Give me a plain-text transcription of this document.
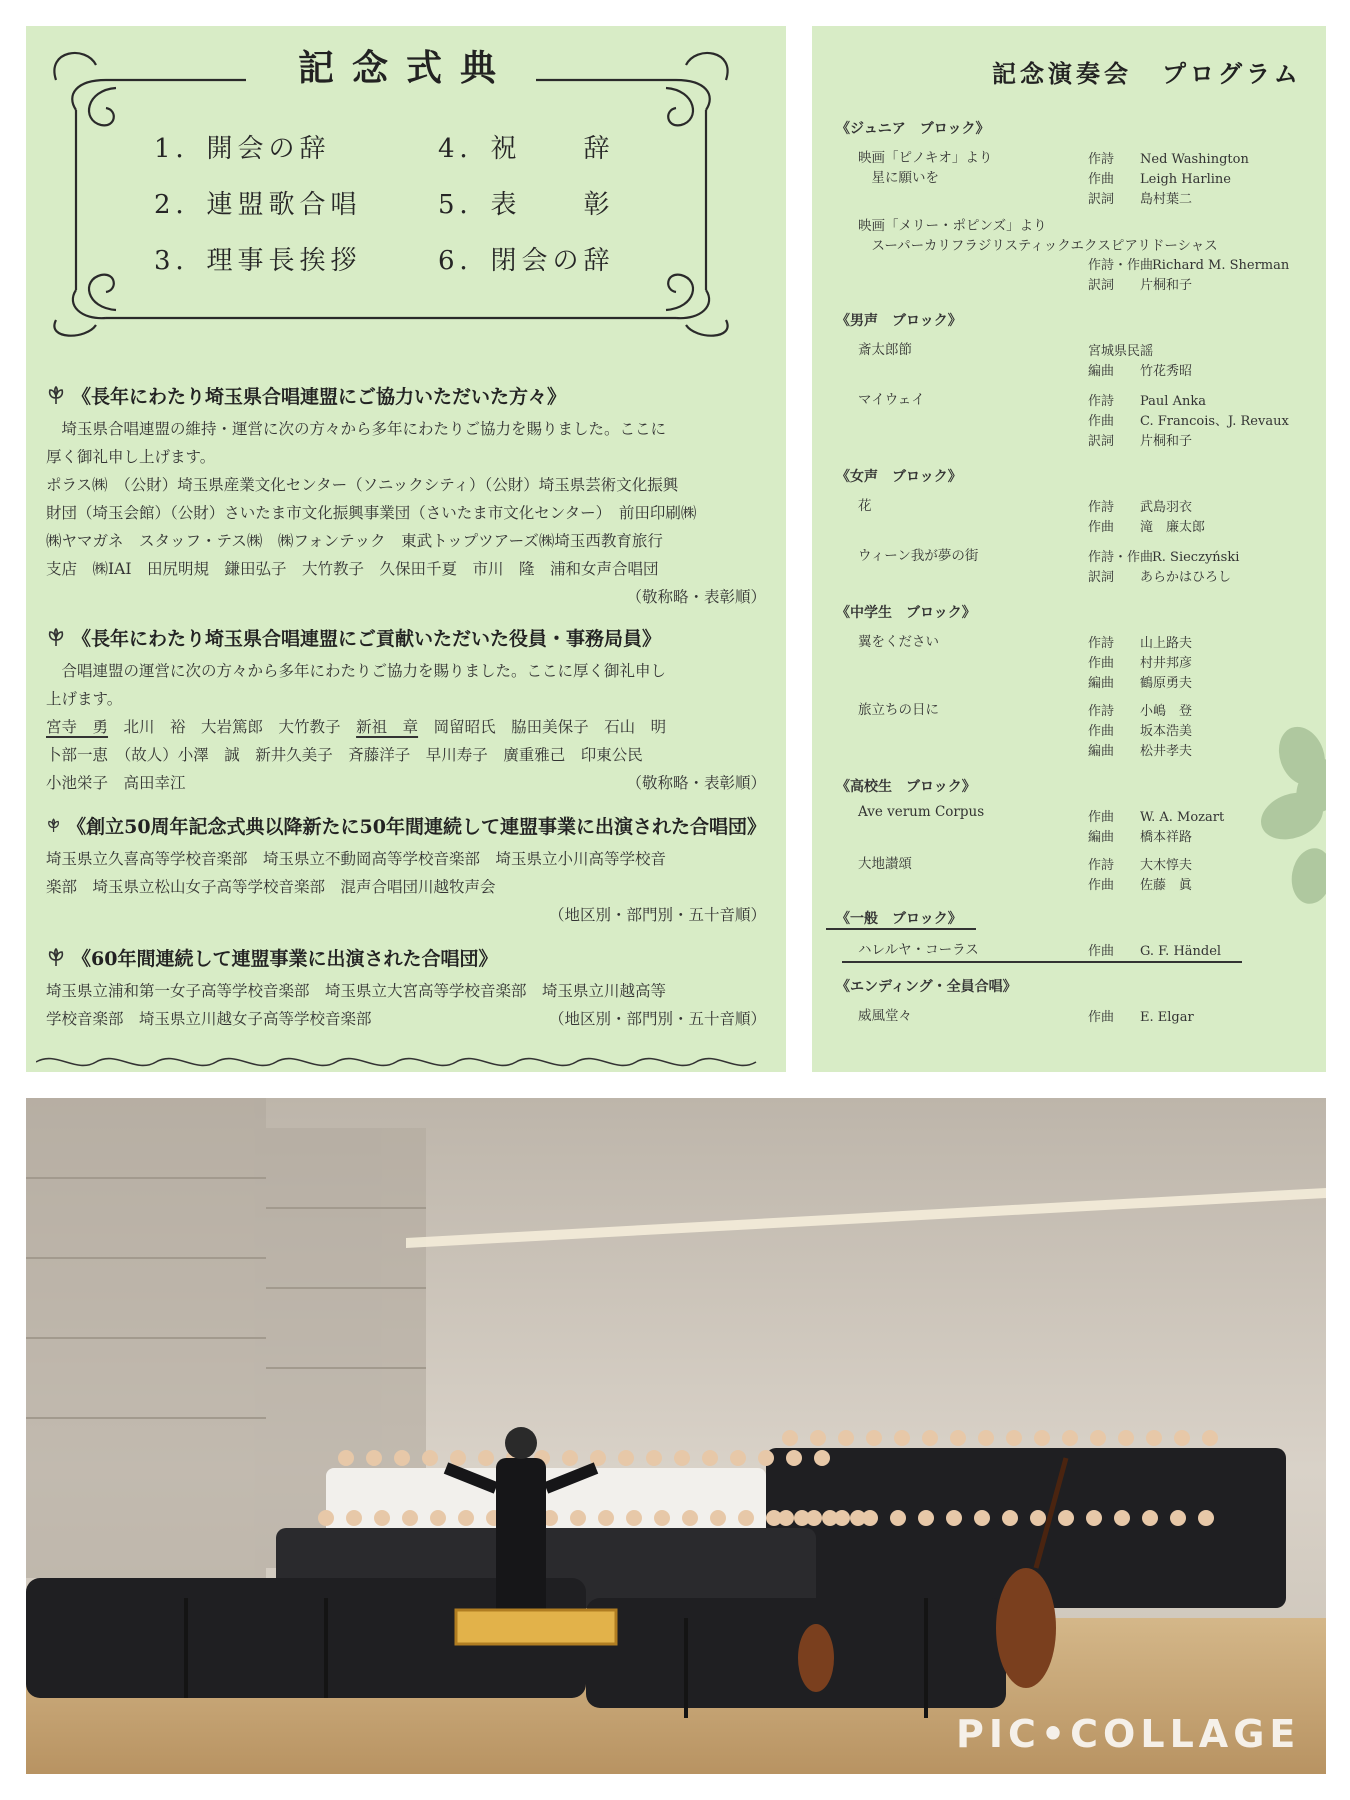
記念式典
1．開会の辞
2．連盟歌合唱
3．理事長挨拶
4．祝　　辞
5．表　　彰
6．閉会の辞
《長年にわたり埼玉県合唱連盟にご協力いただいた方々》

埼玉県合唱連盟の維持・運営に次の方々から多年にわたりご協力を賜りました。ここに

厚く御礼申し上げます。

ポラス㈱　（公財）埼玉県産業文化センター（ソニックシティ）（公財）埼玉県芸術文化振興

財団（埼玉会館）（公財）さいたま市文化振興事業団（さいたま市文化センター）　前田印刷㈱

㈱ヤマガネ　スタッフ・テス㈱　㈱フォンテック　東武トップツアーズ㈱埼玉西教育旅行

支店　㈱IAI　田尻明規　鎌田弘子　大竹教子　久保田千夏　市川　隆　浦和女声合唱団

（敬称略・表彰順）

《長年にわたり埼玉県合唱連盟にご貢献いただいた役員・事務局員》

合唱連盟の運営に次の方々から多年にわたりご協力を賜りました。ここに厚く御礼申し

上げます。

宮寺　勇　 北川　裕　大岩篤郎　大竹教子　 新祖　章　 岡留昭氏　脇田美保子　石山　明

卜部一恵　（故人）小澤　誠　新井久美子　斉藤洋子　早川寿子　廣重雅己　印東公民

小池栄子　高田幸江	（敬称略・表彰順）

《創立50周年記念式典以降新たに50年間連続して連盟事業に出演された合唱団》

埼玉県立久喜高等学校音楽部　埼玉県立不動岡高等学校音楽部　埼玉県立小川高等学校音

楽部　埼玉県立松山女子高等学校音楽部　混声合唱団川越牧声会

（地区別・部門別・五十音順）

《60年間連続して連盟事業に出演された合唱団》

埼玉県立浦和第一女子高等学校音楽部　埼玉県立大宮高等学校音楽部　埼玉県立川越高等

学校音楽部　埼玉県立川越女子高等学校音楽部	（地区別・部門別・五十音順）

記念演奏会 プログラム
《ジュニア　ブロック》
映画「ピノキオ」より
　星に願いを
作詩 Ned Washington
作曲 Leigh Harline
訳詞 島村葉二
映画「メリー・ポピンズ」より
　スーパーカリフラジリスティックエクスピアリドーシャス
作詩・作曲Richard M. Sherman
訳詞 片桐和子
《男声　ブロック》
斎太郎節	宮城県民謡
編曲 竹花秀昭
マイウェイ	作詩 Paul Anka
作曲 C. Francois、J. Revaux
訳詞 片桐和子
《女声　ブロック》
花	作詩 武島羽衣
作曲 滝　廉太郎
ウィーン我が夢の街	作詩・作曲R. Sieczyński
訳詞 あらかはひろし
《中学生　ブロック》
翼をください	作詩 山上路夫
作曲 村井邦彦
編曲 鶴原勇夫
旅立ちの日に	作詩 小嶋　登
作曲 坂本浩美
編曲 松井孝夫
《高校生　ブロック》
Ave verum Corpus	作曲 W. A. Mozart
編曲 橋本祥路
大地讃頌	作詩 大木惇夫
作曲 佐藤　眞
《一般　ブロック》
ハレルヤ・コーラス	作曲 G. F. Händel
《エンディング・全員合唱》
威風堂々	作曲 E. Elgar
PIC•COLLAGE
